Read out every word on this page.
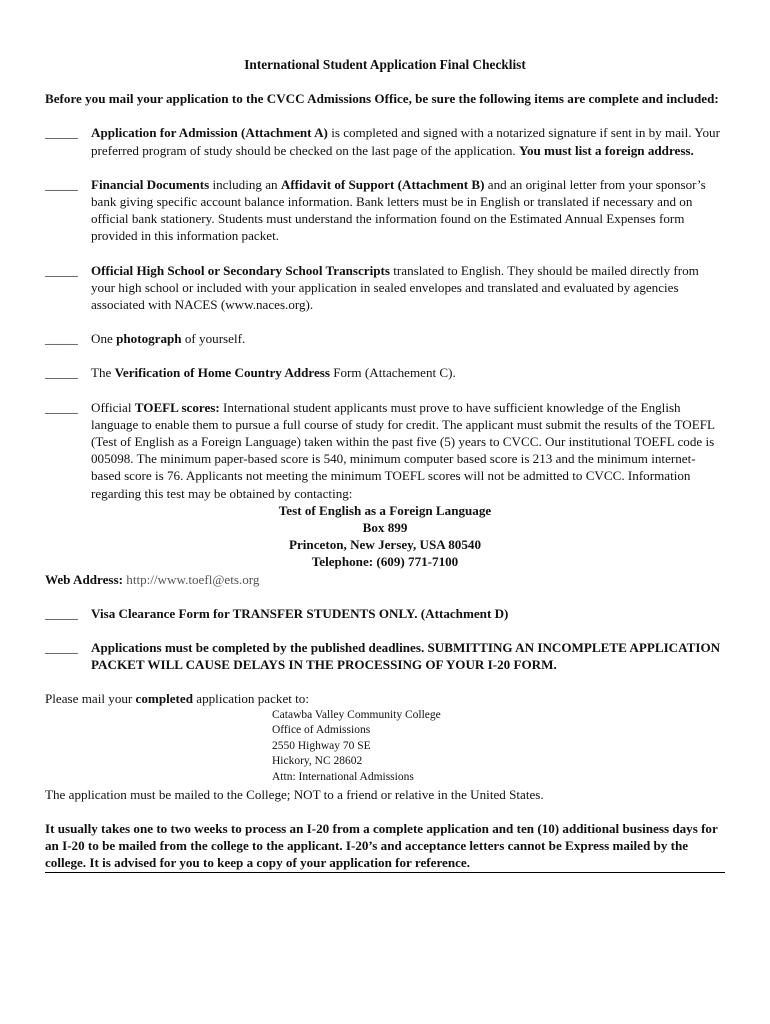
International Student Application Final Checklist
Before you mail your application to the CVCC Admissions Office, be sure the following items are complete and included:
_____ Application for Admission (Attachment A) is completed and signed with a notarized signature if sent in by mail. Your preferred program of study should be checked on the last page of the application. You must list a foreign address.
_____ Financial Documents including an Affidavit of Support (Attachment B) and an original letter from your sponsor’s bank giving specific account balance information. Bank letters must be in English or translated if necessary and on official bank stationery. Students must understand the information found on the Estimated Annual Expenses form provided in this information packet.
_____ Official High School or Secondary School Transcripts translated to English. They should be mailed directly from your high school or included with your application in sealed envelopes and translated and evaluated by agencies associated with NACES (www.naces.org).
_____ One photograph of yourself.
_____ The Verification of Home Country Address Form (Attachement C).
_____ Official TOEFL scores: International student applicants must prove to have sufficient knowledge of the English language to enable them to pursue a full course of study for credit. The applicant must submit the results of the TOEFL (Test of English as a Foreign Language) taken within the past five (5) years to CVCC. Our institutional TOEFL code is 005098. The minimum paper-based score is 540, minimum computer based score is 213 and the minimum internet-based score is 76. Applicants not meeting the minimum TOEFL scores will not be admitted to CVCC. Information regarding this test may be obtained by contacting:
Test of English as a Foreign Language
Box 899
Princeton, New Jersey, USA 80540
Telephone: (609) 771-7100
Web Address: http://www.toefl@ets.org
_____ Visa Clearance Form for TRANSFER STUDENTS ONLY. (Attachment D)
_____ Applications must be completed by the published deadlines. SUBMITTING AN INCOMPLETE APPLICATION PACKET WILL CAUSE DELAYS IN THE PROCESSING OF YOUR I-20 FORM.
Please mail your completed application packet to:
Catawba Valley Community College
Office of Admissions
2550 Highway 70 SE
Hickory, NC 28602
Attn: International Admissions
The application must be mailed to the College; NOT to a friend or relative in the United States.
It usually takes one to two weeks to process an I-20 from a complete application and ten (10) additional business days for an I-20 to be mailed from the college to the applicant. I-20’s and acceptance letters cannot be Express mailed by the college. It is advised for you to keep a copy of your application for reference.
